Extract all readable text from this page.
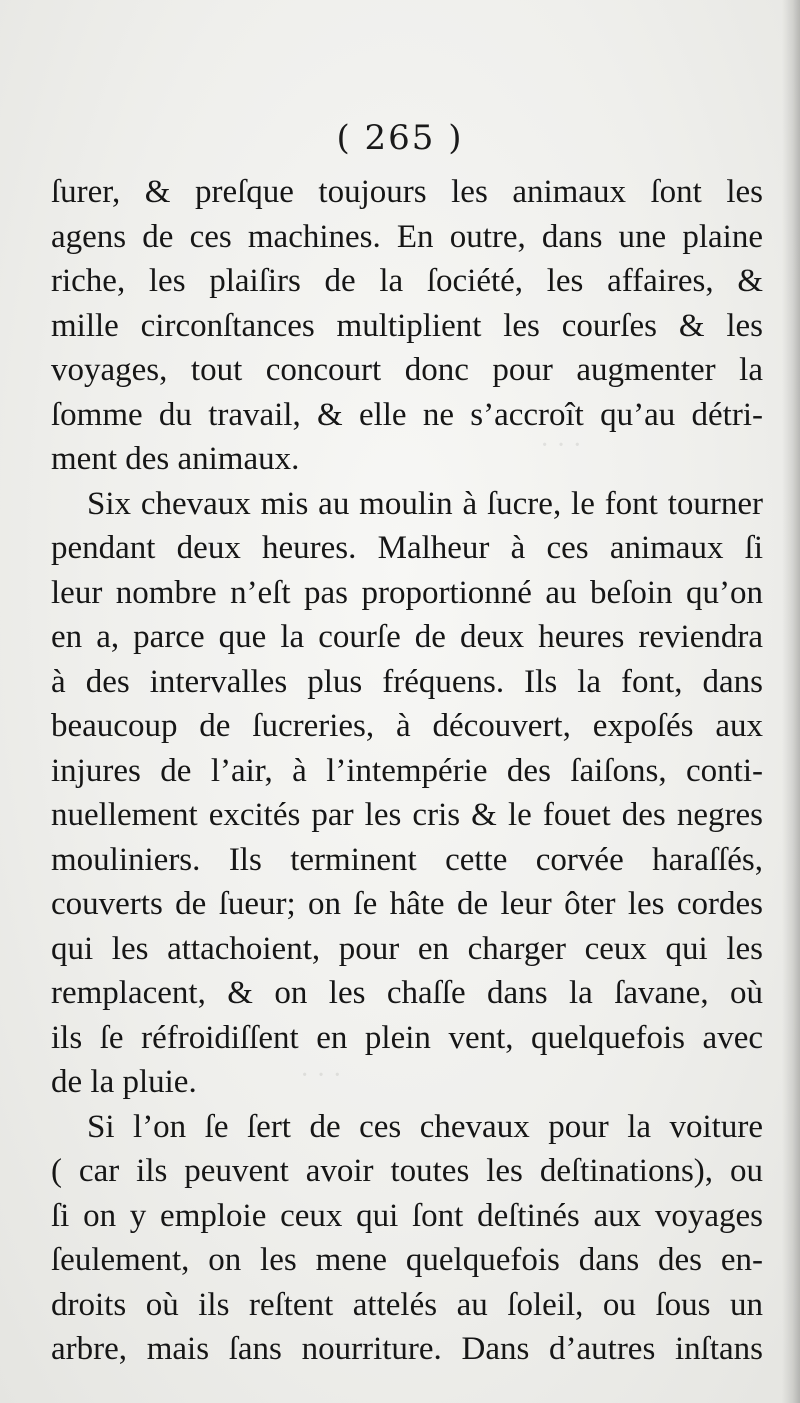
· · ·
· · ·
( 265 )
ſurer, & preſque toujours les animaux ſont les
agens de ces machines. En outre, dans une plaine
riche, les plaiſirs de la ſociété, les affaires, &
mille circonſtances multiplient les courſes & les
voyages, tout concourt donc pour augmenter la
ſomme du travail, & elle ne s’accroît qu’au détri-
ment des animaux.
Six chevaux mis au moulin à ſucre, le font tourner
pendant deux heures. Malheur à ces animaux ſi
leur nombre n’eſt pas proportionné au beſoin qu’on
en a, parce que la courſe de deux heures reviendra
à des intervalles plus fréquens. Ils la font, dans
beaucoup de ſucreries, à découvert, expoſés aux
injures de l’air, à l’intempérie des ſaiſons, conti-
nuellement excités par les cris & le fouet des negres
mouliniers. Ils terminent cette corvée haraſſés,
couverts de ſueur; on ſe hâte de leur ôter les cordes
qui les attachoient, pour en charger ceux qui les
remplacent, & on les chaſſe dans la ſavane, où
ils ſe réfroidiſſent en plein vent, quelquefois avec
de la pluie.
Si l’on ſe ſert de ces chevaux pour la voiture
( car ils peuvent avoir toutes les deſtinations), ou
ſi on y emploie ceux qui ſont deſtinés aux voyages
ſeulement, on les mene quelquefois dans des en-
droits où ils reſtent attelés au ſoleil, ou ſous un
arbre, mais ſans nourriture. Dans d’autres inſtans
